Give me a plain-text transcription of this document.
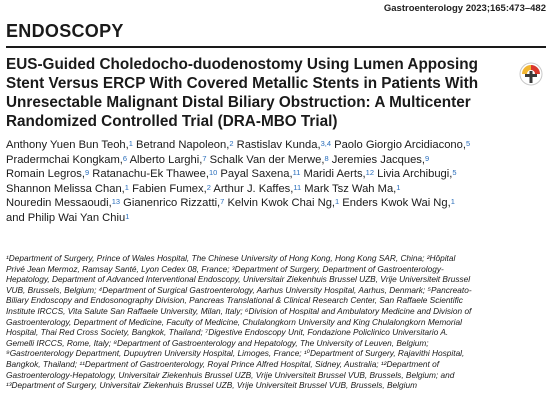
Gastroenterology 2023;165:473–482
ENDOSCOPY
EUS-Guided Choledocho-duodenostomy Using Lumen Apposing
Stent Versus ERCP With Covered Metallic Stents in Patients With
Unresectable Malignant Distal Biliary Obstruction: A Multicenter
Randomized Controlled Trial (DRA-MBO Trial)
Anthony Yuen Bun Teoh,$^1$ Betrand Napoleon,$^2$ Rastislav Kunda,$^{3,4}$ Paolo Giorgio Arcidiacono,$^5$
Pradermchai Kongkam,$^6$ Alberto Larghi,$^7$ Schalk Van der Merwe,$^8$ Jeremies Jacques,$^9$
Romain Legros,$^9$ Ratanachu-Ek Thawee,$^{10}$ Payal Saxena,$^{11}$ Maridi Aerts,$^{12}$ Livia Archibugi,$^5$
Shannon Melissa Chan,$^1$ Fabien Fumex,$^2$ Arthur J. Kaffes,$^{11}$ Mark Tsz Wah Ma,$^1$
Nouredin Messaoudi,$^{13}$ Gianenrico Rizzatti,$^7$ Kelvin Kwok Chai Ng,$^1$ Enders Kwok Wai Ng,$^1$
and Philip Wai Yan Chiu$^1$
¹Department of Surgery, Prince of Wales Hospital, The Chinese University of Hong Kong, Hong Kong SAR, China; ²Hôpital
Privé Jean Mermoz, Ramsay Santé, Lyon Cedex 08, France; ³Department of Surgery, Department of Gastroenterology-
Hepatology, Department of Advanced Interventional Endoscopy, Universitair Ziekenhuis Brussel UZB, Vrije Universiteit Brussel
VUB, Brussels, Belgium; ⁴Department of Surgical Gastroenterology, Aarhus University Hospital, Aarhus, Denmark; ⁵Pancreato-
Biliary Endoscopy and Endosonography Division, Pancreas Translational & Clinical Research Center, San Raffaele Scientific
Institute IRCCS, Vita Salute San Raffaele University, Milan, Italy; ⁶Division of Hospital and Ambulatory Medicine and Division of
Gastroenterology, Department of Medicine, Faculty of Medicine, Chulalongkorn University and King Chulalongkorn Memorial
Hospital, Thai Red Cross Society, Bangkok, Thailand; ⁷Digestive Endoscopy Unit, Fondazione Policlinico Universitario A.
Gemelli IRCCS, Rome, Italy; ⁸Department of Gastroenterology and Hepatology, The University of Leuven, Belgium;
⁹Gastroenterology Department, Dupuytren University Hospital, Limoges, France; ¹⁰Department of Surgery, Rajavithi Hospital,
Bangkok, Thailand; ¹¹Department of Gastroenterology, Royal Prince Alfred Hospital, Sidney, Australia; ¹²Department of
Gastroenterology-Hepatology, Universitair Ziekenhuis Brussel UZB, Vrije Universiteit Brussel VUB, Brussels, Belgium; and
¹³Department of Surgery, Universitair Ziekenhuis Brussel UZB, Vrije Universiteit Brussel VUB, Brussels, Belgium
